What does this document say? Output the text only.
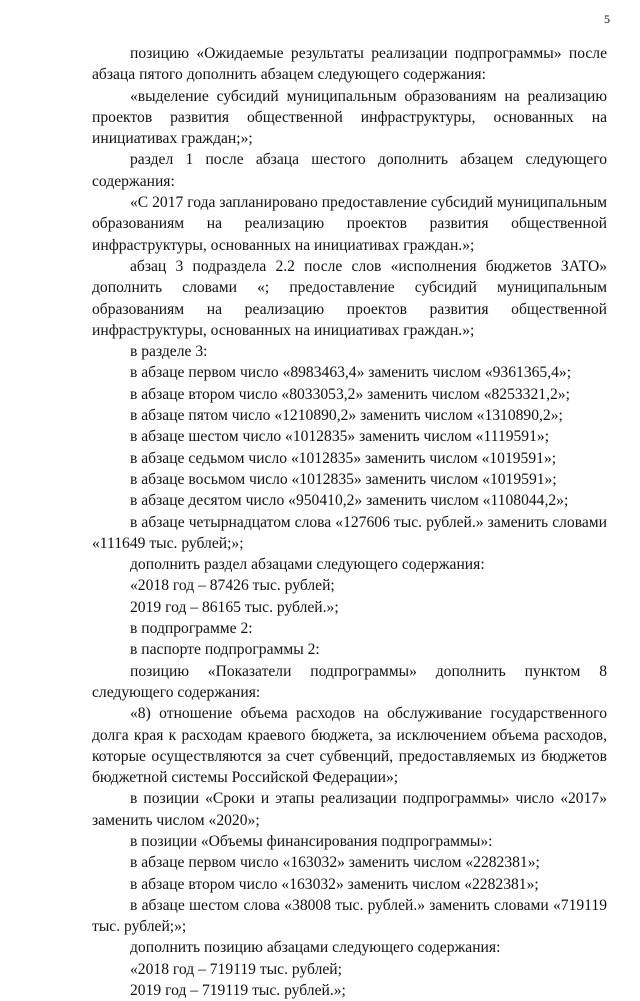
5

позицию «Ожидаемые результаты реализации подпрограммы» после абзаца пятого дополнить абзацем следующего содержания:

«выделение субсидий муниципальным образованиям на реализацию проектов развития общественной инфраструктуры, основанных на инициативах граждан;»;

раздел 1 после абзаца шестого дополнить абзацем следующего содержания:

«С 2017 года запланировано предоставление субсидий муниципальным образованиям на реализацию проектов развития общественной инфраструктуры, основанных на инициативах граждан.»;

абзац 3 подраздела 2.2 после слов «исполнения бюджетов ЗАТО» дополнить словами «; предоставление субсидий муниципальным образованиям на реализацию проектов развития общественной инфраструктуры, основанных на инициативах граждан.»;

в разделе 3:

в абзаце первом число «8983463,4» заменить числом «9361365,4»;

в абзаце втором число «8033053,2» заменить числом «8253321,2»;

в абзаце пятом число «1210890,2» заменить числом «1310890,2»;

в абзаце шестом число «1012835» заменить числом «1119591»;

в абзаце седьмом число «1012835» заменить числом «1019591»;

в абзаце восьмом число «1012835» заменить числом «1019591»;

в абзаце десятом число «950410,2» заменить числом «1108044,2»;

в абзаце четырнадцатом слова «127606 тыс. рублей.» заменить словами «111649 тыс. рублей;»;

дополнить раздел абзацами следующего содержания:

«2018 год – 87426 тыс. рублей;

2019 год – 86165 тыс. рублей.»;

в подпрограмме 2:

в паспорте подпрограммы 2:

позицию «Показатели подпрограммы» дополнить пунктом 8 следующего содержания:

«8) отношение объема расходов на обслуживание государственного долга края к расходам краевого бюджета, за исключением объема расходов, которые осуществляются за счет субвенций, предоставляемых из бюджетов бюджетной системы Российской Федерации»;

в позиции «Сроки и этапы реализации подпрограммы» число «2017» заменить числом «2020»;

в позиции «Объемы финансирования подпрограммы»:

в абзаце первом число «163032» заменить числом «2282381»;

в абзаце втором число «163032» заменить числом «2282381»;

в абзаце шестом слова «38008 тыс. рублей.» заменить словами «719119 тыс. рублей;»;

дополнить позицию абзацами следующего содержания:

«2018 год – 719119 тыс. рублей;

2019 год – 719119 тыс. рублей.»;
